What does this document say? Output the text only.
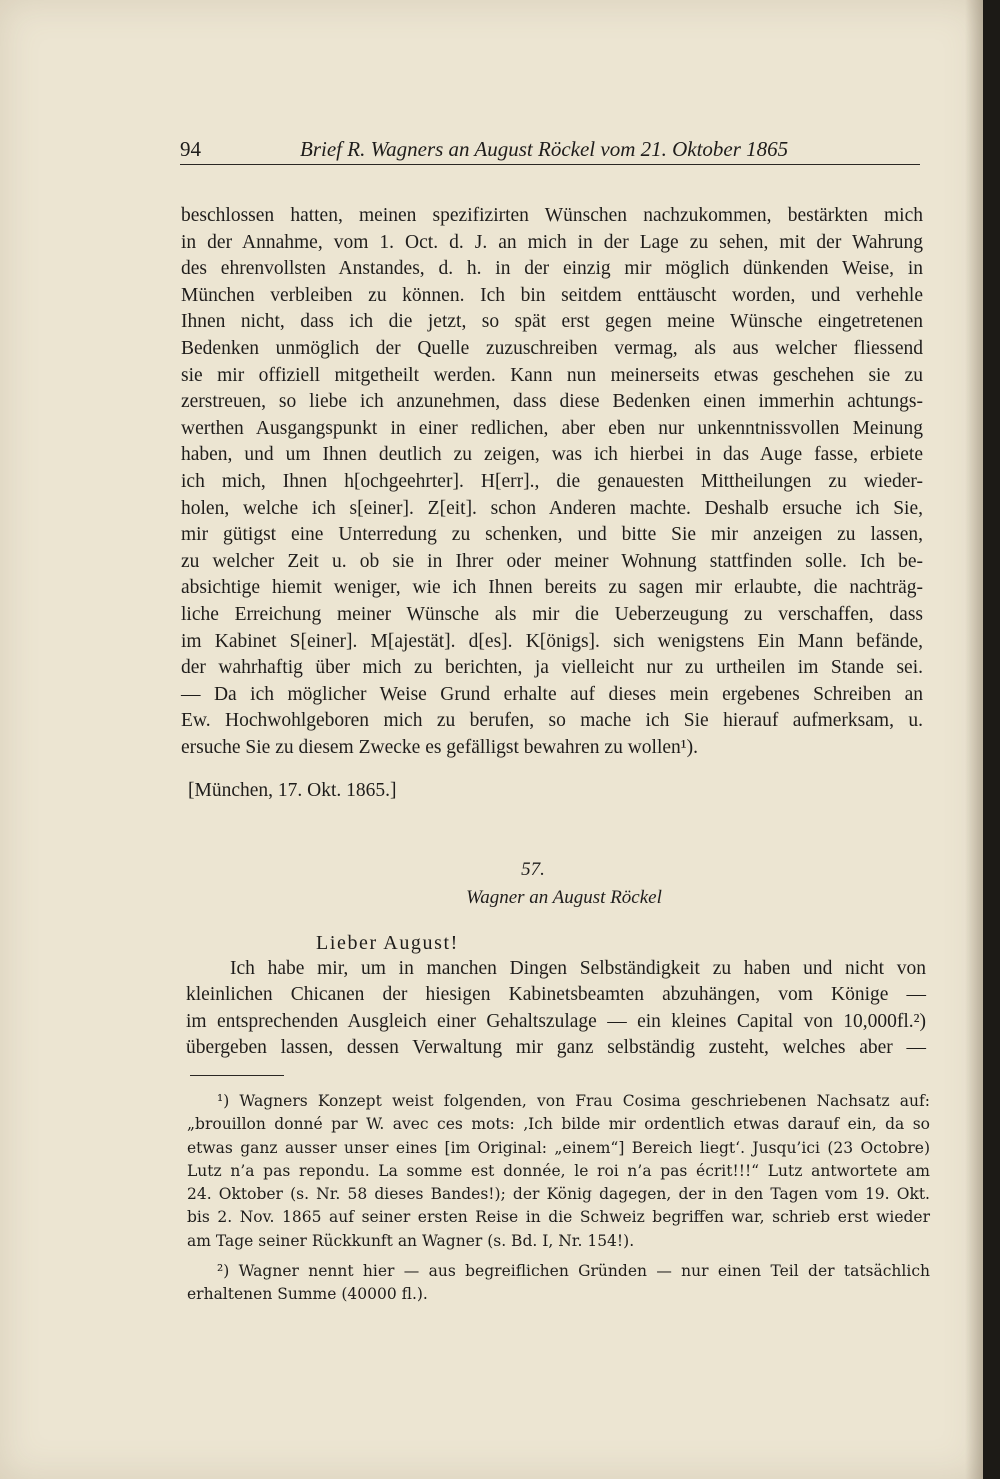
94	Brief R. Wagners an August Röckel vom 21. Oktober 1865
beschlossen hatten, meinen spezifizirten Wünschen nachzukommen, bestärkten mich
in der Annahme, vom 1. Oct. d. J. an mich in der Lage zu sehen, mit der Wahrung
des ehrenvollsten Anstandes, d. h. in der einzig mir möglich dünkenden Weise, in
München verbleiben zu können. Ich bin seitdem enttäuscht worden, und verhehle
Ihnen nicht, dass ich die jetzt, so spät erst gegen meine Wünsche eingetretenen
Bedenken unmöglich der Quelle zuzuschreiben vermag, als aus welcher fliessend
sie mir offiziell mitgetheilt werden. Kann nun meinerseits etwas geschehen sie zu
zerstreuen, so liebe ich anzunehmen, dass diese Bedenken einen immerhin achtungs-
werthen Ausgangspunkt in einer redlichen, aber eben nur unkenntnissvollen Meinung
haben, und um Ihnen deutlich zu zeigen, was ich hierbei in das Auge fasse, erbiete
ich mich, Ihnen h[ochgeehrter]. H[err]., die genauesten Mittheilungen zu wieder-
holen, welche ich s[einer]. Z[eit]. schon Anderen machte. Deshalb ersuche ich Sie,
mir gütigst eine Unterredung zu schenken, und bitte Sie mir anzeigen zu lassen,
zu welcher Zeit u. ob sie in Ihrer oder meiner Wohnung stattfinden solle. Ich be-
absichtige hiemit weniger, wie ich Ihnen bereits zu sagen mir erlaubte, die nachträg-
liche Erreichung meiner Wünsche als mir die Ueberzeugung zu verschaffen, dass
im Kabinet S[einer]. M[ajestät]. d[es]. K[önigs]. sich wenigstens Ein Mann befände,
der wahrhaftig über mich zu berichten, ja vielleicht nur zu urtheilen im Stande sei.
— Da ich möglicher Weise Grund erhalte auf dieses mein ergebenes Schreiben an
Ew. Hochwohlgeboren mich zu berufen, so mache ich Sie hierauf aufmerksam, u.
ersuche Sie zu diesem Zwecke es gefälligst bewahren zu wollen¹).
[München, 17. Okt. 1865.]
57.
Wagner an August Röckel
Lieber August!
Ich habe mir, um in manchen Dingen Selbständigkeit zu haben und nicht von
kleinlichen Chicanen der hiesigen Kabinetsbeamten abzuhängen, vom Könige —
im entsprechenden Ausgleich einer Gehaltszulage — ein kleines Capital von 10,000fl.²)
übergeben lassen, dessen Verwaltung mir ganz selbständig zusteht, welches aber —
¹) Wagners Konzept weist folgenden, von Frau Cosima geschriebenen Nachsatz auf:
„brouillon donné par W. avec ces mots: ‚Ich bilde mir ordentlich etwas darauf ein, da so
etwas ganz ausser unser eines [im Original: „einem“] Bereich liegt‘. Jusqu’ici (23 Octobre)
Lutz n’a pas repondu. La somme est donnée, le roi n’a pas écrit!!!“ Lutz antwortete am
24. Oktober (s. Nr. 58 dieses Bandes!); der König dagegen, der in den Tagen vom 19. Okt.
bis 2. Nov. 1865 auf seiner ersten Reise in die Schweiz begriffen war, schrieb erst wieder
am Tage seiner Rückkunft an Wagner (s. Bd. I, Nr. 154!).
²) Wagner nennt hier — aus begreiflichen Gründen — nur einen Teil der tatsächlich
erhaltenen Summe (40000 fl.).
